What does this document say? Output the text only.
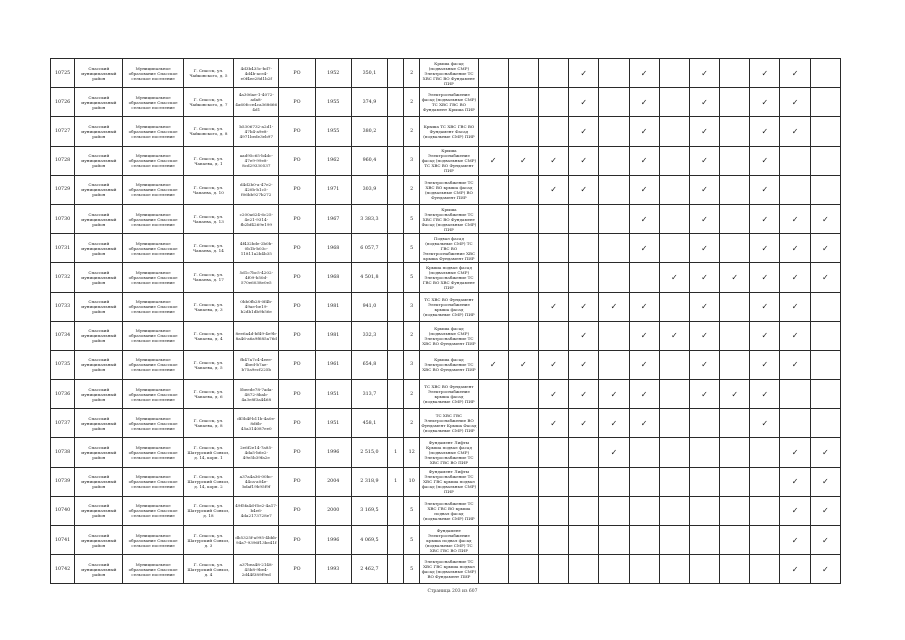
10725	Спасский муниципальный район	Муниципальное образование Спасское сельское поселение	Г. Спасск, ул. Чайковского, д. 5	4d3b435c-bd7-4d4b-ace4-e0f4ee28d1b2f	РО	1952	350,1		2	Крыша фасад (подвальные СМР) Электроснабжение ТС ХВС ГВС ВО Фундамент ПИР				✓		✓		✓		✓	✓	
10726	Спасский муниципальный район	Муниципальное образование Спасское сельское поселение	Г. Спасск, ул. Чайковского, д. 7	4a306ae-1-4072-ada8-4a60fcce4ca3686664d1	РО	1955	374,9		2	Электроснабжение фасад (подвальные СМР) ТС ХВС ГВС ВО Фундамент Крыша ПИР				✓		✓		✓		✓	✓	
10727	Спасский муниципальный район	Муниципальное образование Спасское сельское поселение	Г. Спасск, ул. Чайковского, д. 8	b5306732-a2d1-47b4-a9e8-4971bede3eb97	РО	1955	380,2		2	Крыша ТС ХВС ГВС ВО Фундамент Фасад (подвальные СМР) ПИР				✓		✓		✓		✓	✓	
10728	Спасский муниципальный район	Муниципальное образование Спасское сельское поселение	Г. Спасск, ул. Чапаева, д. 1	aad95c65-b4dc-47e9-99e8-8cd29330537	РО	1962	960,4		3	Крыша Электроснабжение фасад (подвальные СМР) ТС ХВС ВО Фундамент ПИР	✓	✓	✓	✓		✓		✓		✓		
10729	Спасский муниципальный район	Муниципальное образование Спасское сельское поселение	Г. Спасск, ул. Чапаева, д. 10	d4d2b0-a-47e2-420b-b1c5-f06bb927b272	РО	1971	303,9		2	Электроснабжение ТС ХВС ВО крыша фасад (подвальные СМР) ВО Фундамент ПИР			✓	✓		✓		✓		✓		
10730	Спасский муниципальный район	Муниципальное образование Спасское сельское поселение	Г. Спасск, ул. Чапаева, д. 13	c200a624-6c25-4e21-9314-fb2bf4269e199	РО	1967	3 383,3		5	Крыша Электроснабжение ТС ХВС ГВС ВО Фундамент Фасад (подвальные СМР) ПИР						✓		✓		✓	✓	✓
10731	Спасский муниципальный район	Муниципальное образование Спасское сельское поселение	Г. Спасск, ул. Чапаева, д. 14	4f432bde-2b0b-0b1b-b03c-11811a2b4b35	РО	1968	6 057,7		5	Подвал фасад (подвальные СМР) ТС ГВС ВО Электроснабжение ХВС крыша Фундамент ПИР						✓		✓		✓	✓	✓
10732	Спасский муниципальный район	Муниципальное образование Спасское сельское поселение	Г. Спасск, ул. Чапаева, д. 17	5d1c7bc5-4202-4f09-b50d-570e6038e0e5	РО	1968	4 501,8		5	Крыша подвал фасад (подвальные СМР) Электроснабжение ТС ГВС ВО ХВС Фундамент ПИР							✓	✓	✓	✓	✓	✓
10733	Спасский муниципальный район	Муниципальное образование Спасское сельское поселение	Г. Спасск, ул. Чапаева, д. 3	0bb0fb28-0f4b-49ae-be19-b2db1db9b56e	РО	1981	941,0		3	ТС ХВС ВО Фундамент Электроснабжение крыша фасад (подвальные СМР) ПИР			✓	✓	✓	✓		✓		✓	✓	
10734	Спасский муниципальный район	Муниципальное образование Спасское сельское поселение	Г. Спасск, ул. Чапаева, д. 4	8ee6a4d-bf49-4e9b-8a46-a6a9f685a76d	РО	1981	332,3		2	Крыша фасад (подвальные СМР) Электроснабжение ТС ХВС ВО Фундамент ПИР				✓		✓	✓	✓		✓	✓	
10735	Спасский муниципальный район	Муниципальное образование Спасское сельское поселение	Г. Спасск, ул. Чапаева, д. 5	fb47a7c4-4eee-4bed-b7ae-b75a9ecf225b	РО	1961	654,8		3	Крыша фасад Электроснабжение ТС ХВС ВО Фундамент ПИР	✓	✓	✓	✓		✓		✓		✓	✓	
10736	Спасский муниципальный район	Муниципальное образование Спасское сельское поселение	Г. Спасск, ул. Чапаева, д. 6	5beede78-7ada-4872-8bab-4a3e8f3a4468	РО	1951	313,7		2	ТС ХВС ВО Фундамент Электроснабжение крыша фасад (подвальные СМР) ПИР			✓	✓	✓	✓		✓	✓	✓		
10737	Спасский муниципальный район	Муниципальное образование Спасское сельское поселение	Г. Спасск, ул. Чапаева, д. 8	df3b4f-b11b-4a0e-8d6b-45a314087ee0	РО	1951	458,1		2	ТС ХВС ГВС Электроснабжение ВО Фундамент Крыша Фасад (подвальные СМР) ПИР			✓	✓	✓	✓				✓		
10738	Спасский муниципальный район	Муниципальное образование Спасское сельское поселение	Г. Спасск, ул. Шатурский Совхоз, д. 14, корп. 1	2e6f2e14-7a85-4da5-b6e2-49e5b39fa2e	РО	1996	2 515,0	1	12	Фундамент Лифты Крыша подвал фасад (подвальные СМР) Электроснабжение ТС ХВС ГВС ВО ПИР					✓						✓	✓
10739	Спасский муниципальный район	Муниципальное образование Спасское сельское поселение	Г. Спасск, ул. Шатурский Совхоз, д. 14, корп. 2	a37a4a36-00bc-44ca-a04e-bdaf19b95f9f	РО	2004	2 318,9	1	10	Фундамент Лифты Электроснабжение ТС ХВС ГВС крыша подвал фасад (подвальные СМР) ПИР											✓	✓
10740	Спасский муниципальный район	Муниципальное образование Спасское сельское поселение	Г. Спасск, ул. Шатурский Совхоз, д. 18	49f5fa4d-f5e2-4a17-b4e6-4da2173728e7	РО	2000	3 169,5		5	Электроснабжение ТС ХВС ГВС ВО крыша подвал фасад (подвальные СМР) ПИР											✓	✓
10741	Спасский муниципальный район	Муниципальное образование Спасское сельское поселение	Г. Спасск, ул. Шатурский Совхоз, д. 3	db5325f-a995-4bbb-94a7-9396f13be41f	РО	1996	4 069,5		5	Фундамент Электроснабжение крыша подвал фасад (подвальные СМР) ТС ХВС ГВС ВО ПИР											✓	✓
10742	Спасский муниципальный район	Муниципальное образование Спасское сельское поселение	Г. Спасск, ул. Шатурский Совхоз, д. 4	a37bea48-2148-45b8-9be4-2d44f389f9ed	РО	1993	2 462,7		5	Электроснабжение ТС ХВС ГВС крыша подвал фасад (подвальные СМР) ВО Фундамент ПИР											✓	✓
Страница 203 из 607
